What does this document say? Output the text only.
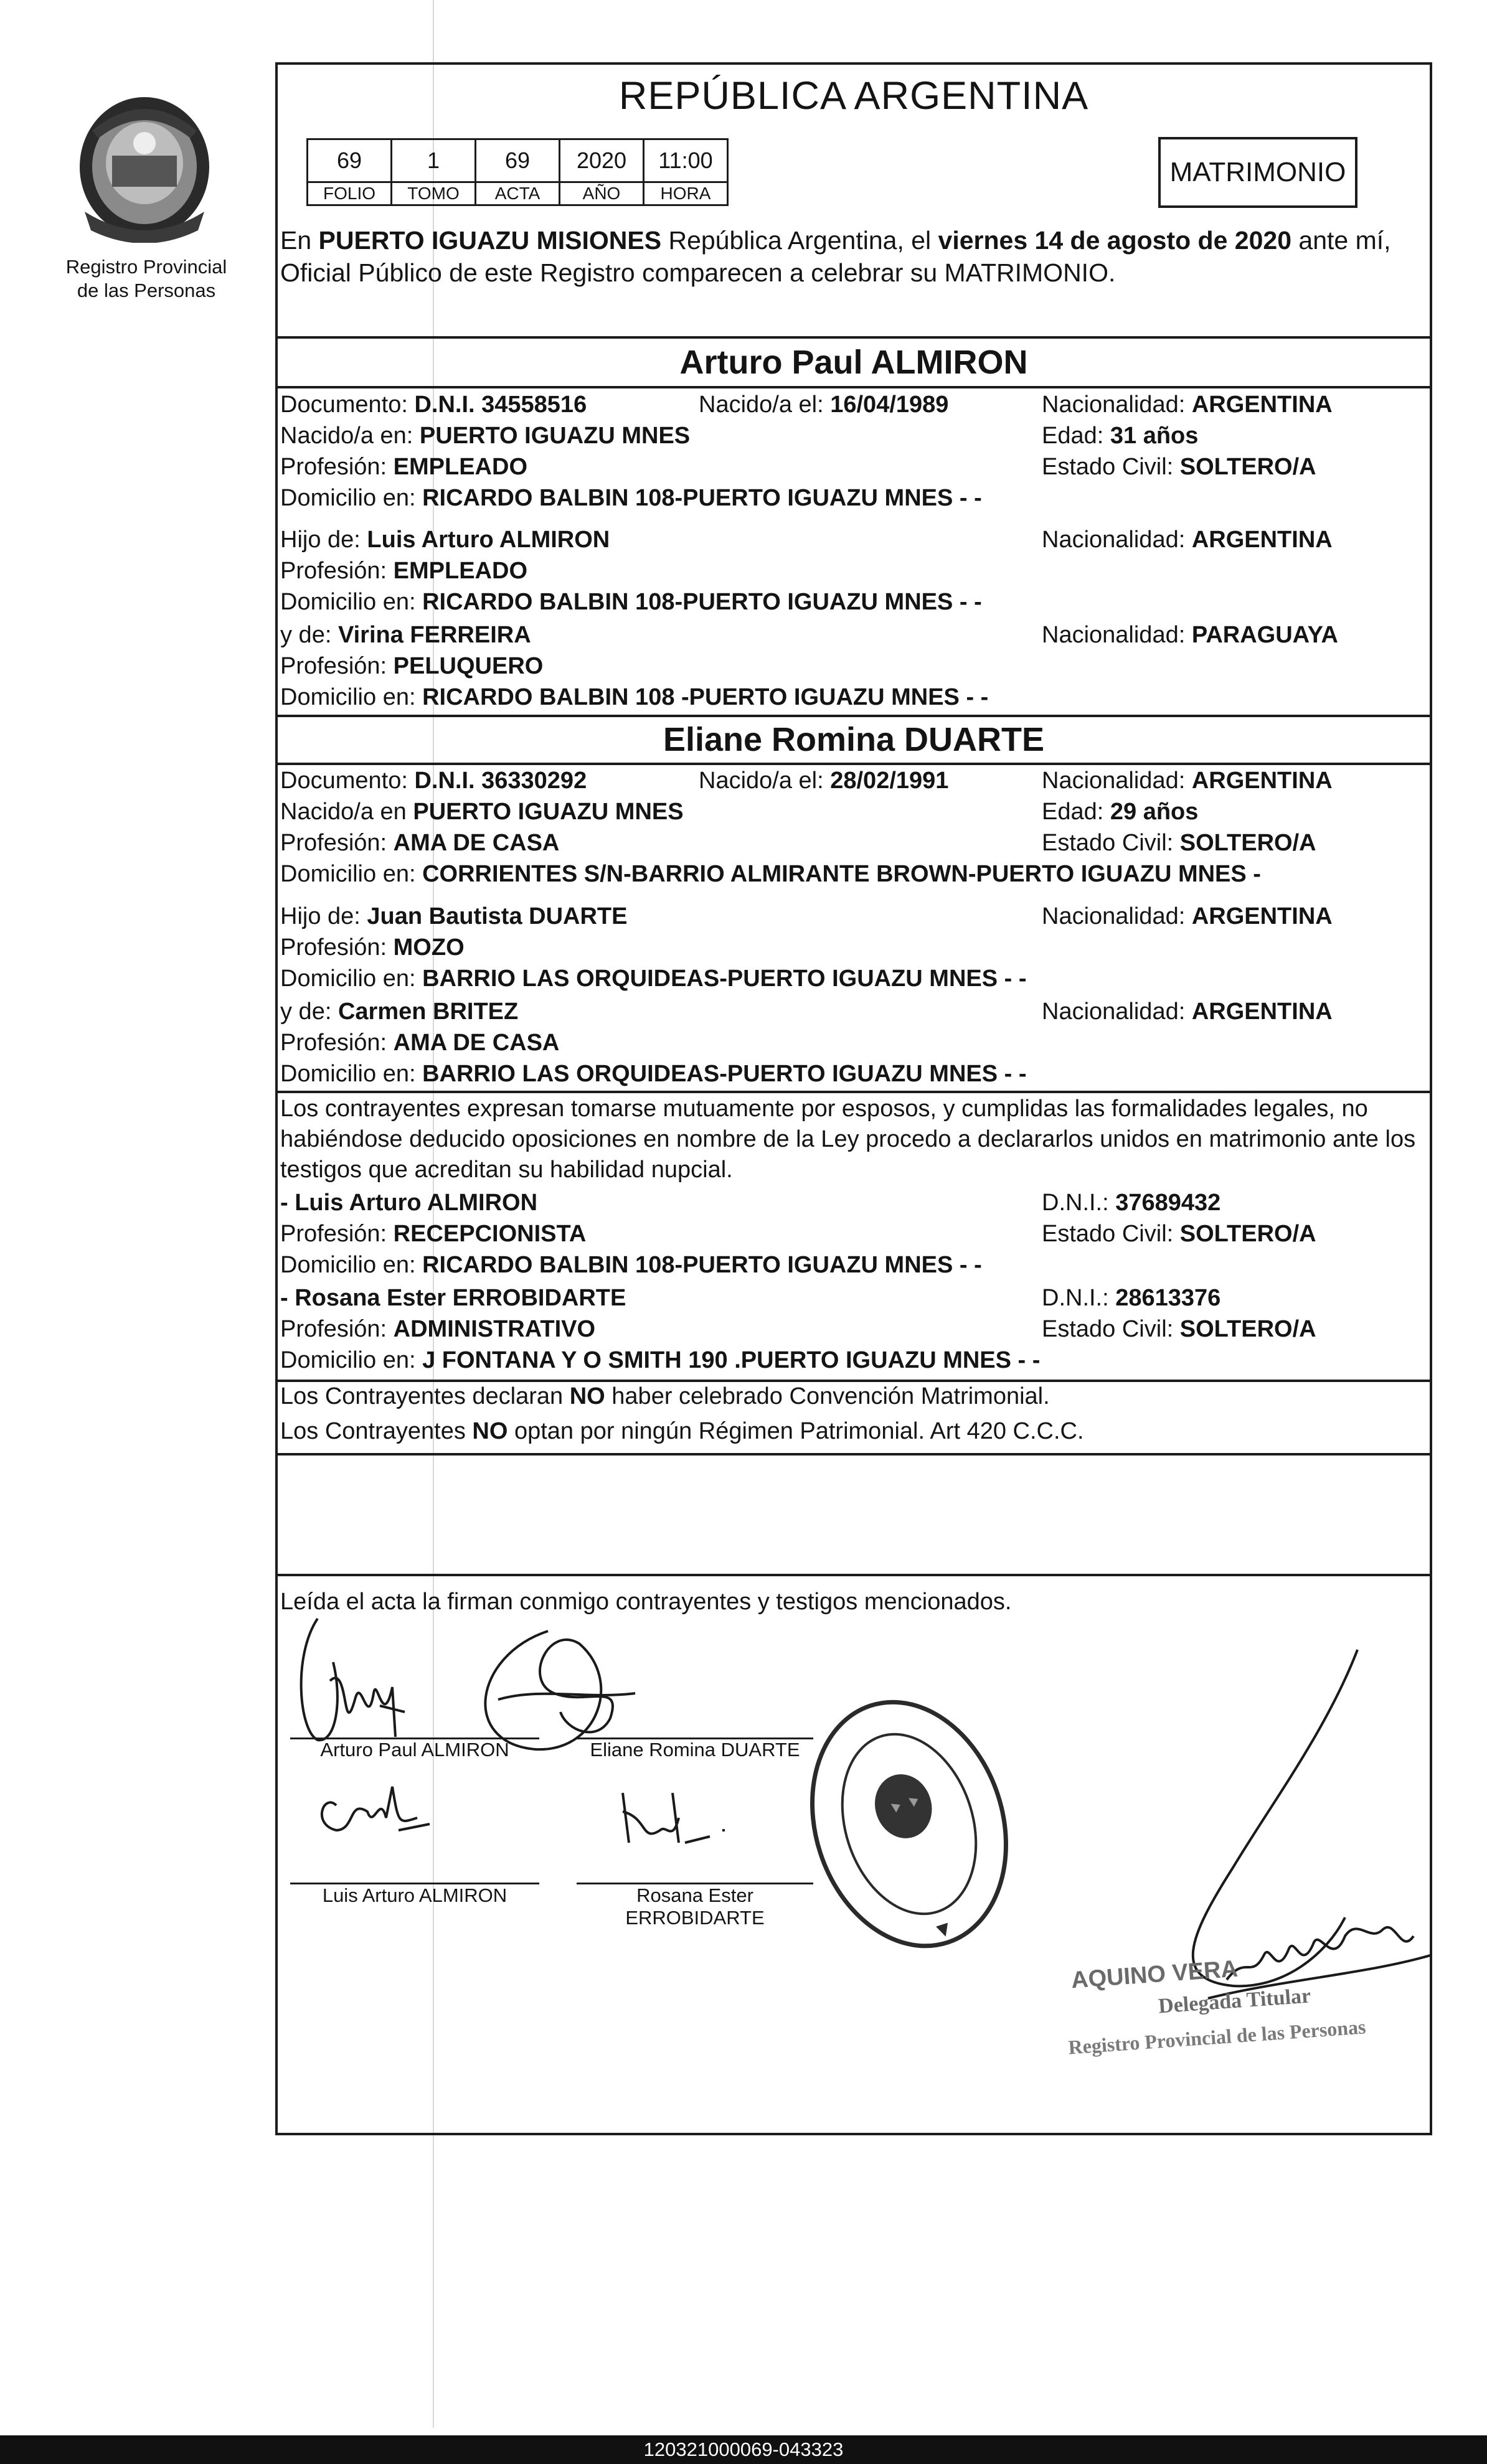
Registro Provincial
de las Personas
REPÚBLICA ARGENTINA
69	1	69	2020	11:00
FOLIO	TOMO	ACTA	AÑO	HORA
MATRIMONIO
En PUERTO IGUAZU MISIONES República Argentina, el viernes 14 de agosto de 2020 ante mí, Oficial Público de este Registro comparecen a celebrar su MATRIMONIO.
Arturo Paul ALMIRON
Documento: D.N.I. 34558516	Nacido/a el: 16/04/1989	Nacionalidad: ARGENTINA
Nacido/a en: PUERTO IGUAZU MNES	Edad: 31 años
Profesión: EMPLEADO	Estado Civil: SOLTERO/A
Domicilio en: RICARDO BALBIN 108-PUERTO IGUAZU MNES - -
Hijo de: Luis Arturo ALMIRON	Nacionalidad: ARGENTINA
Profesión: EMPLEADO
Domicilio en: RICARDO BALBIN 108-PUERTO IGUAZU MNES - -
y de: Virina FERREIRA	Nacionalidad: PARAGUAYA
Profesión: PELUQUERO
Domicilio en: RICARDO BALBIN 108 -PUERTO IGUAZU MNES - -
Eliane Romina DUARTE
Documento: D.N.I. 36330292	Nacido/a el: 28/02/1991	Nacionalidad: ARGENTINA
Nacido/a en PUERTO IGUAZU MNES	Edad: 29 años
Profesión: AMA DE CASA	Estado Civil: SOLTERO/A
Domicilio en: CORRIENTES S/N-BARRIO ALMIRANTE BROWN-PUERTO IGUAZU MNES -
Hijo de: Juan Bautista DUARTE	Nacionalidad: ARGENTINA
Profesión: MOZO
Domicilio en: BARRIO LAS ORQUIDEAS-PUERTO IGUAZU MNES - -
y de: Carmen BRITEZ	Nacionalidad: ARGENTINA
Profesión: AMA DE CASA
Domicilio en: BARRIO LAS ORQUIDEAS-PUERTO IGUAZU MNES - -
Los contrayentes expresan tomarse mutuamente por esposos, y cumplidas las formalidades legales, no habiéndose deducido oposiciones en nombre de la Ley procedo a declararlos unidos en matrimonio ante los testigos que acreditan su habilidad nupcial.
- Luis Arturo ALMIRON	D.N.I.: 37689432
Profesión: RECEPCIONISTA	Estado Civil: SOLTERO/A
Domicilio en: RICARDO BALBIN 108-PUERTO IGUAZU MNES - -
- Rosana Ester ERROBIDARTE	D.N.I.: 28613376
Profesión: ADMINISTRATIVO	Estado Civil: SOLTERO/A
Domicilio en: J FONTANA Y O SMITH 190 .PUERTO IGUAZU MNES - -
Los Contrayentes declaran NO haber celebrado Convención Matrimonial.
Los Contrayentes NO optan por ningún Régimen Patrimonial. Art 420 C.C.C.
Leída el acta la firman conmigo contrayentes y testigos mencionados.
Arturo Paul ALMIRON	Eliane Romina DUARTE
Luis Arturo ALMIRON	Rosana Ester
ERROBIDARTE
AQUINO VERA
Delegada Titular
Registro Provincial de las Personas
120321000069-043323
